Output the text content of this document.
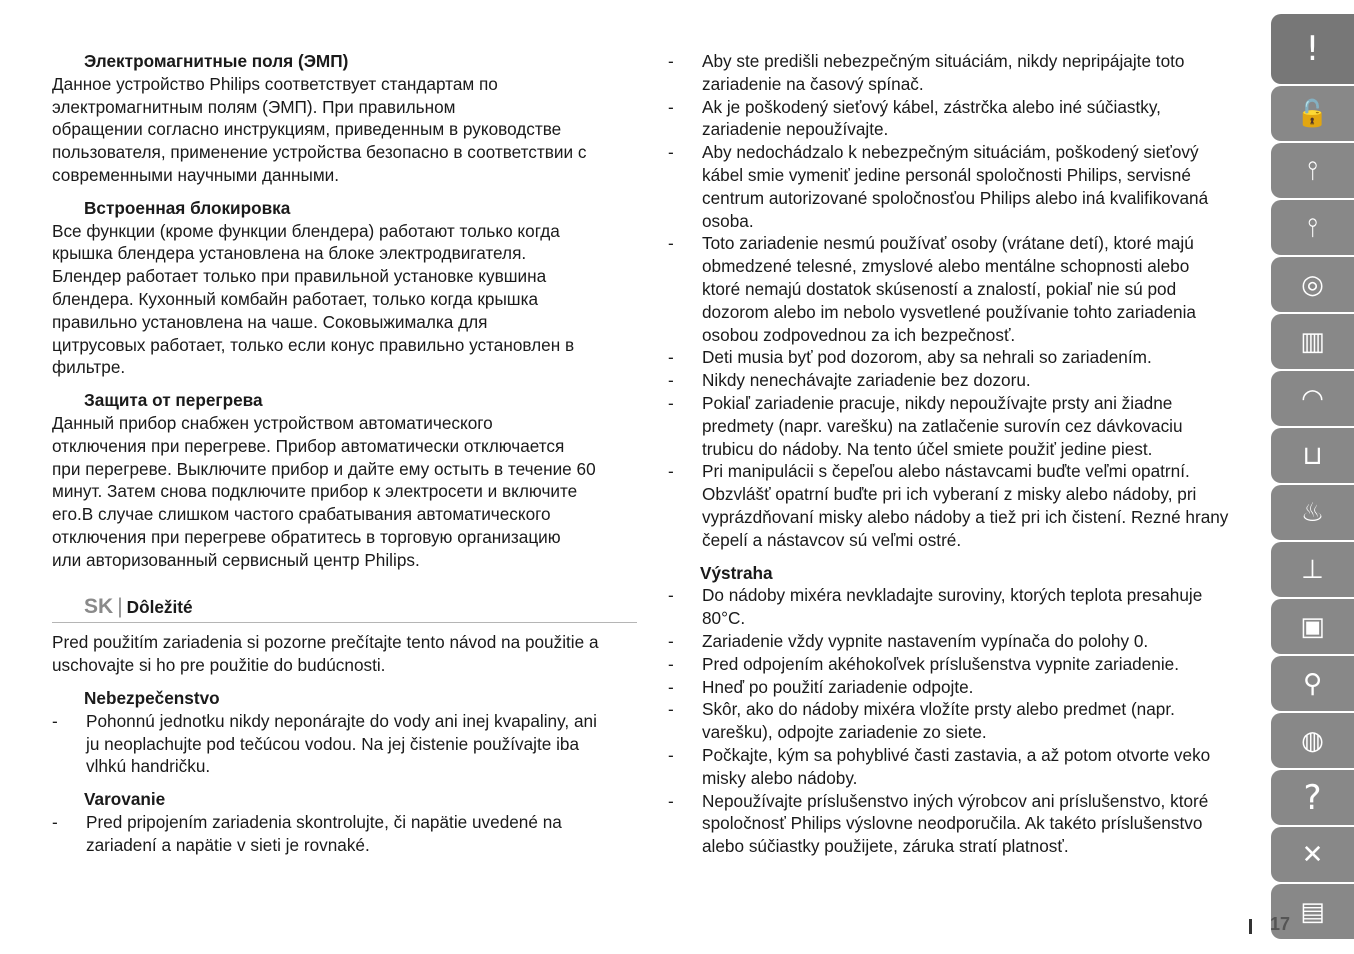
Электромагнитные поля (ЭМП)

Данное устройство Philips соответствует стандартам по
электромагнитным полям (ЭМП). При правильном
обращении согласно инструкциям, приведенным в руководстве
пользователя, применение устройства безопасно в соответствии с
современными научными данными.

Встроенная блокировка

Все функции (кроме функции блендера) работают только когда
крышка блендера установлена на блоке электродвигателя.
Блендер работает только при правильной установке кувшина
блендера. Кухонный комбайн работает, только когда крышка
правильно установлена на чаше. Соковыжималка для
цитрусовых работает, только если конус правильно установлен в
фильтре.

Защита от перегрева

Данный прибор снабжен устройством автоматического
отключения при перегреве. Прибор автоматически отключается
при перегреве. Выключите прибор и дайте ему остыть в течение 60
минут. Затем снова подключите прибор к электросети и включите
его.В случае слишком частого срабатывания автоматического
отключения при перегреве обратитесь в торговую организацию
или авторизованный сервисный центр Philips.
SK | Dôležité
Pred použitím zariadenia si pozorne prečítajte tento návod na použitie a
uschovajte si ho pre použitie do budúcnosti.

Nebezpečenstvo

- Pohonnú jednotku nikdy neponárajte do vody ani inej kvapaliny, ani
ju neoplachujte pod tečúcou vodou. Na jej čistenie používajte iba
vlhkú handričku.

Varovanie

- Pred pripojením zariadenia skontrolujte, či napätie uvedené na
zariadení a napätie v sieti je rovnaké.
- Aby ste predišli nebezpečným situáciám, nikdy nepripájajte toto
zariadenie na časový spínač.
- Ak je poškodený sieťový kábel, zástrčka alebo iné súčiastky,
zariadenie nepoužívajte.
- Aby nedochádzalo k nebezpečným situáciám, poškodený sieťový
kábel smie vymeniť jedine personál spoločnosti Philips, servisné
centrum autorizované spoločnosťou Philips alebo iná kvalifikovaná
osoba.
- Toto zariadenie nesmú používať osoby (vrátane detí), ktoré majú
obmedzené telesné, zmyslové alebo mentálne schopnosti alebo
ktoré nemajú dostatok skúseností a znalostí, pokiaľ nie sú pod
dozorom alebo im nebolo vysvetlené používanie tohto zariadenia
osobou zodpovednou za ich bezpečnosť.
- Deti musia byť pod dozorom, aby sa nehrali so zariadením.
- Nikdy nenechávajte zariadenie bez dozoru.
- Pokiaľ zariadenie pracuje, nikdy nepoužívajte prsty ani žiadne
predmety (napr. varešku) na zatlačenie surovín cez dávkovaciu
trubicu do nádoby. Na tento účel smiete použiť jedine piest.
- Pri manipulácii s čepeľou alebo nástavcami buďte veľmi opatrní.
Obzvlášť opatrní buďte pri ich vyberaní z misky alebo nádoby, pri
vyprázdňovaní misky alebo nádoby a tiež pri ich čistení. Rezné hrany
čepelí a nástavcov sú veľmi ostré.

Výstraha

- Do nádoby mixéra nevkladajte suroviny, ktorých teplota presahuje
80°C.
- Zariadenie vždy vypnite nastavením vypínača do polohy 0.
- Pred odpojením akéhokoľvek príslušenstva vypnite zariadenie.
- Hneď po použití zariadenie odpojte.
- Skôr, ako do nádoby mixéra vložíte prsty alebo predmet (napr.
varešku), odpojte zariadenie zo siete.
- Počkajte, kým sa pohyblivé časti zastavia, a až potom otvorte veko
misky alebo nádoby.
- Nepoužívajte príslušenstvo iných výrobcov ani príslušenstvo, ktoré
spoločnosť Philips výslovne neodporučila. Ak takéto príslušenstvo
alebo súčiastky použijete, záruka stratí platnosť.
!
🔓
⫯
⫯
◎
▥
◠
⊔
♨
⊥
▣
⚲
◍
?
✕
▤
17
